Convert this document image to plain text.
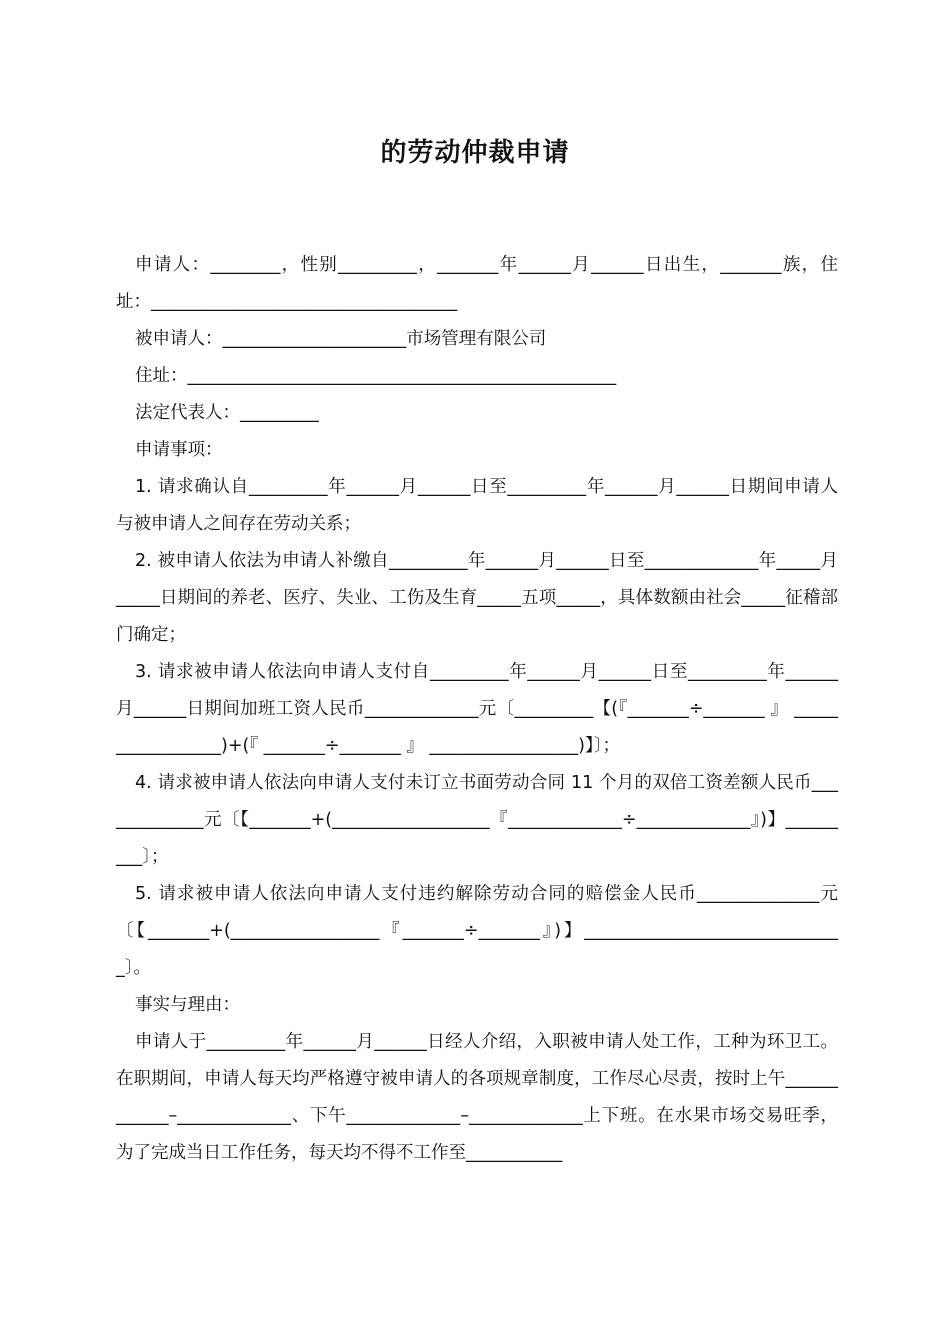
的劳动仲裁申请

申请人：________，性别_________，_______年______月______日出生，_______族，住址：___________________________________

被申请人：_____________________市场管理有限公司

住址：_________________________________________________

法定代表人：_________

申请事项：

1. 请求确认自_________年______月______日至_________年______月______日期间申请人与被申请人之间存在劳动关系；

2. 被申请人依法为申请人补缴自_________年______月______日至_____________年_____月_____日期间的养老、医疗、失业、工伤及生育_____五项_____，具体数额由社会_____征稽部门确定；

3. 请求被申请人依法向申请人支付自_________年______月______日至_________年______月______日期间加班工资人民币_____________元〔_________【(『_______÷_______ 』 _________________)+(『 _______÷_______ 』 _________________)】〕；

4. 请求被申请人依法向申请人支付未订立书面劳动合同 11 个月的双倍工资差额人民币_____________元〔【_______+(__________________『_____________÷_____________』)】_________〕；

5. 请求被申请人依法向申请人支付违约解除劳动合同的赔偿金人民币______________元〔【_______+(_________________『_______÷_______』)】______________________________〕。

事实与理由：

申请人于_________年______月______日经人介绍，入职被申请人处工作，工种为环卫工。在职期间，申请人每天均严格遵守被申请人的各项规章制度，工作尽心尽责，按时上午____________–_____________、下午_____________–_____________上下班。在水果市场交易旺季，为了完成当日工作任务，每天均不得不工作至___________
